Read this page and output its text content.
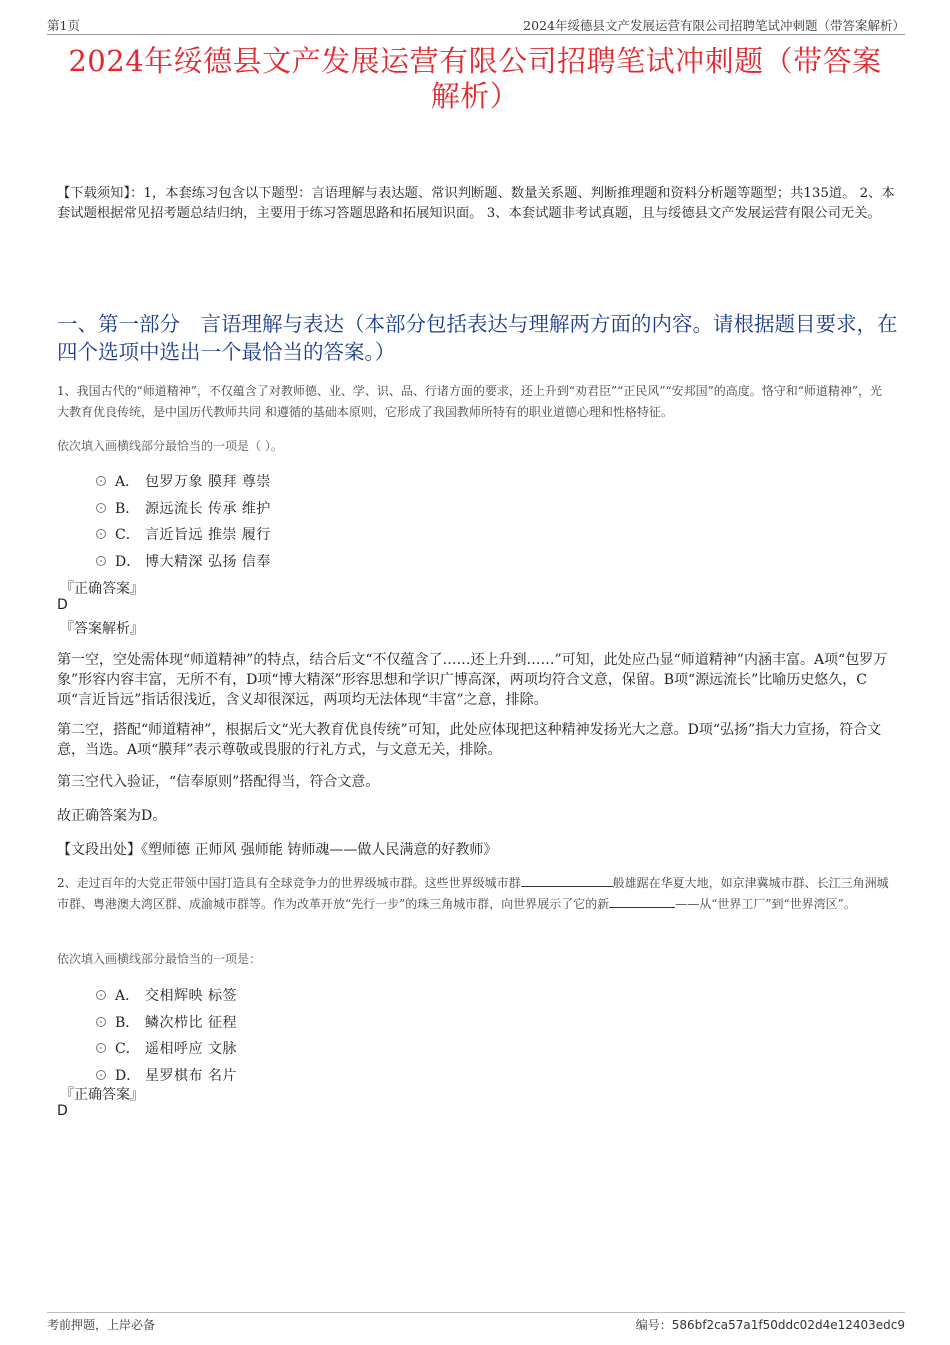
第1页	2024年绥德县文产发展运营有限公司招聘笔试冲刺题（带答案解析）
2024年绥德县文产发展运营有限公司招聘笔试冲刺题（带答案
解析）
【下载须知】：1，本套练习包含以下题型：言语理解与表达题、常识判断题、数量关系题、判断推理题和资料分析题等题型；共135道。 2、本套试题根据常见招考题总结归纳，主要用于练习答题思路和拓展知识面。 3、本套试题非考试真题，且与绥德县文产发展运营有限公司无关。
一、第一部分　言语理解与表达（本部分包括表达与理解两方面的内容。请根据题目要求，在四个选项中选出一个最恰当的答案。）
1、我国古代的“师道精神”，不仅蕴含了对教师德、业、学、识、品、行诸方面的要求，还上升到“劝君臣”“正民风”“安邦国”的高度。恪守和“师道精神”，光大教育优良传统，是中国历代教师共同 和遵循的基础本原则，它形成了我国教师所特有的职业道德心理和性格特征。
依次填入画横线部分最恰当的一项是（ ）。
A． 包罗万象 膜拜 尊崇
B． 源远流长 传承 维护
C． 言近旨远 推崇 履行
D． 博大精深 弘扬 信奉
『正确答案』
D
『答案解析』
第一空，空处需体现“师道精神”的特点，结合后文“不仅蕴含了……还上升到……”可知，此处应凸显“师道精神”内涵丰富。A项“包罗万象”形容内容丰富，无所不有，D项“博大精深”形容思想和学识广博高深，两项均符合文意，保留。B项“源远流长”比喻历史悠久，C项“言近旨远”指话很浅近，含义却很深远，两项均无法体现“丰富”之意，排除。
第二空，搭配“师道精神”，根据后文“光大教育优良传统”可知，此处应体现把这种精神发扬光大之意。D项“弘扬”指大力宣扬，符合文意，当选。A项“膜拜”表示尊敬或畏服的行礼方式，与文意无关，排除。
第三空代入验证，“信奉原则”搭配得当，符合文意。
故正确答案为D。
【文段出处】《塑师德 正师风 强师能 铸师魂——做人民满意的好教师》
2、走过百年的大党正带领中国打造具有全球竞争力的世界级城市群。这些世界级城市群	般雄踞在华夏大地，如京津冀城市群、长江三角洲城市群、粤港澳大湾区群、成渝城市群等。作为改革开放“先行一步”的珠三角城市群，向世界展示了它的新	——从“世界工厂”到“世界湾区”。
依次填入画横线部分最恰当的一项是：
A． 交相辉映 标签
B． 鳞次栉比 征程
C． 遥相呼应 文脉
D． 星罗棋布 名片
『正确答案』
D
考前押题，上岸必备	编号：586bf2ca57a1f50ddc02d4e12403edc9
